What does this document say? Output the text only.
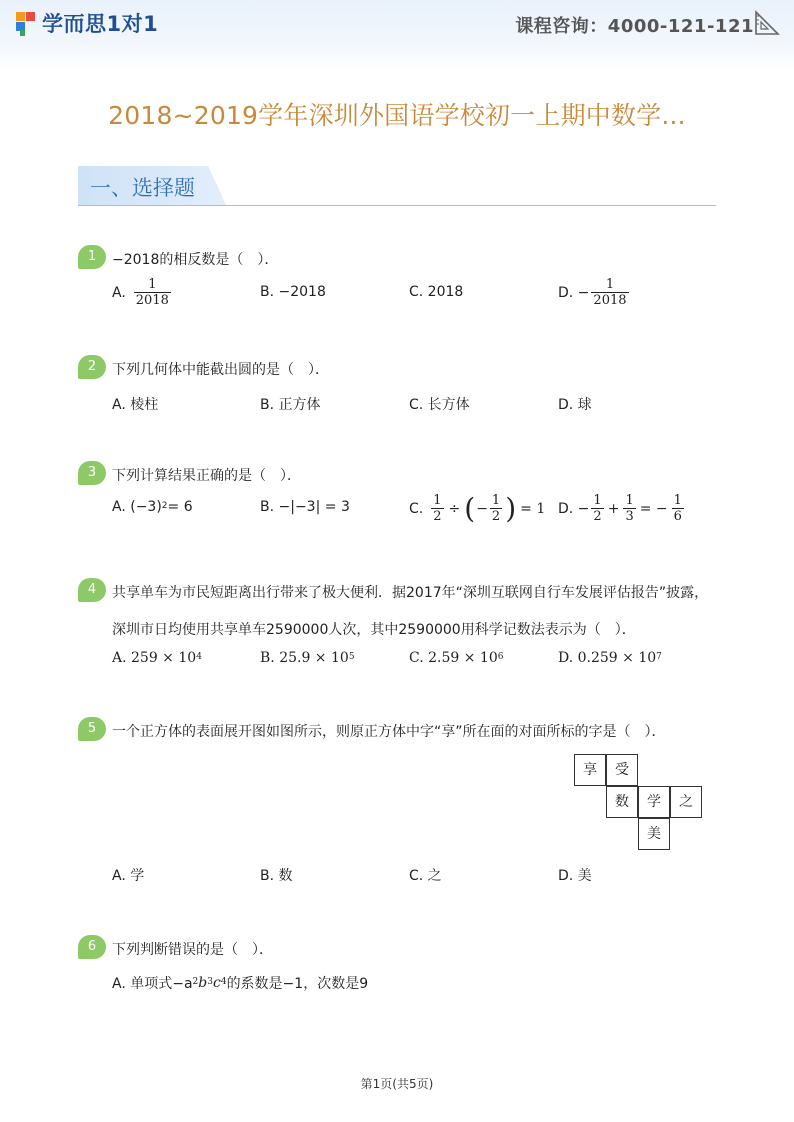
学而思1对1	课程咨询：4000-121-121
2018~2019学年深圳外国语学校初一上期中数学...
一、选择题
1	−2018的相反数是（　）．
A. $\frac{1}{2018}$	B. −2018	C. 2018	D. − $\frac{1}{2018}$
2	下列几何体中能截出圆的是（　）．
A. 棱柱	B. 正方体	C. 长方体	D. 球
3	下列计算结果正确的是（　）．
A. $(-3)^2 = 6$	B. −|−3| = 3	C. $\frac{1}{2}$ ÷ ( − $\frac{1}{2}$ ) = 1 D. − $\frac{1}{2} + \frac{1}{3}$ = − $\frac{1}{6}$
4	共享单车为市民短距离出行带来了极大便利．据2017年“深圳互联网自行车发展评估报告”披露，
深圳市日均使用共享单车2590000人次，其中2590000用科学记数法表示为（　）．
A. $259 \times 10^4$	B. $25.9 \times 10^5$	C. $2.59 \times 10^6$	D. $0.259 \times 10^7$
5	一个正方体的表面展开图如图所示，则原正方体中字“享”所在面的对面所标的字是（　）．
A. 学	B. 数	C. 之	D. 美
享	受
数	学	之
美
6	下列判断错误的是（　）．
A. 单项式$-a^2$ $b^3$ $c^4$ 的系数是−1，次数是9
第1页(共5页)
